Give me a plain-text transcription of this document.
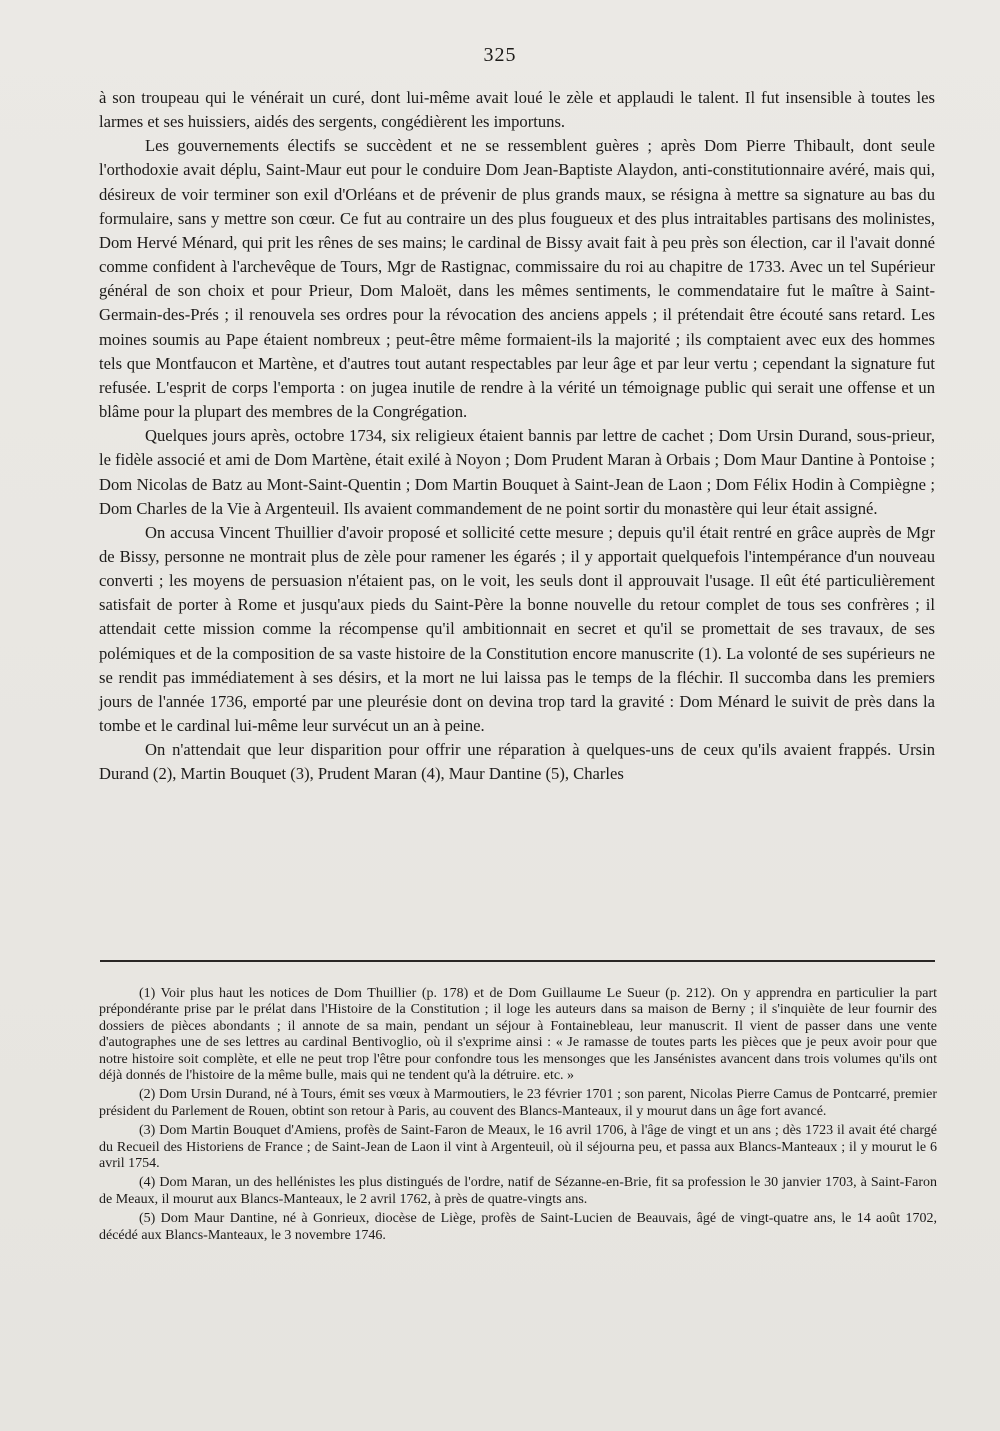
325

à son troupeau qui le vénérait un curé, dont lui-même avait loué le zèle et applaudi le talent. Il fut insensible à toutes les larmes et ses huissiers, aidés des sergents, congédièrent les importuns.

Les gouvernements électifs se succèdent et ne se ressemblent guères ; après Dom Pierre Thibault, dont seule l'orthodoxie avait déplu, Saint-Maur eut pour le conduire Dom Jean-Baptiste Alaydon, anti-constitutionnaire avéré, mais qui, désireux de voir terminer son exil d'Orléans et de prévenir de plus grands maux, se résigna à mettre sa signature au bas du formulaire, sans y mettre son cœur. Ce fut au contraire un des plus fougueux et des plus intraitables partisans des molinistes, Dom Hervé Ménard, qui prit les rênes de ses mains; le cardinal de Bissy avait fait à peu près son élection, car il l'avait donné comme confident à l'archevêque de Tours, Mgr de Rastignac, commissaire du roi au chapitre de 1733. Avec un tel Supérieur général de son choix et pour Prieur, Dom Maloët, dans les mêmes sentiments, le commendataire fut le maître à Saint-Germain-des-Prés ; il renouvela ses ordres pour la révocation des anciens appels ; il prétendait être écouté sans retard. Les moines soumis au Pape étaient nombreux ; peut-être même formaient-ils la majorité ; ils comptaient avec eux des hommes tels que Montfaucon et Martène, et d'autres tout autant respectables par leur âge et par leur vertu ; cependant la signature fut refusée. L'esprit de corps l'emporta : on jugea inutile de rendre à la vérité un témoignage public qui serait une offense et un blâme pour la plupart des membres de la Congrégation.

Quelques jours après, octobre 1734, six religieux étaient bannis par lettre de cachet ; Dom Ursin Durand, sous-prieur, le fidèle associé et ami de Dom Martène, était exilé à Noyon ; Dom Prudent Maran à Orbais ; Dom Maur Dantine à Pontoise ; Dom Nicolas de Batz au Mont-Saint-Quentin ; Dom Martin Bouquet à Saint-Jean de Laon ; Dom Félix Hodin à Compiègne ; Dom Charles de la Vie à Argenteuil. Ils avaient commandement de ne point sortir du monastère qui leur était assigné.

On accusa Vincent Thuillier d'avoir proposé et sollicité cette mesure ; depuis qu'il était rentré en grâce auprès de Mgr de Bissy, personne ne montrait plus de zèle pour ramener les égarés ; il y apportait quelquefois l'intempérance d'un nouveau converti ; les moyens de persuasion n'étaient pas, on le voit, les seuls dont il approuvait l'usage. Il eût été particulièrement satisfait de porter à Rome et jusqu'aux pieds du Saint-Père la bonne nouvelle du retour complet de tous ses confrères ; il attendait cette mission comme la récompense qu'il ambitionnait en secret et qu'il se promettait de ses travaux, de ses polémiques et de la composition de sa vaste histoire de la Constitution encore manuscrite (1). La volonté de ses supérieurs ne se rendit pas immédiatement à ses désirs, et la mort ne lui laissa pas le temps de la fléchir. Il succomba dans les premiers jours de l'année 1736, emporté par une pleurésie dont on devina trop tard la gravité : Dom Ménard le suivit de près dans la tombe et le cardinal lui-même leur survécut un an à peine.

On n'attendait que leur disparition pour offrir une réparation à quelques-uns de ceux qu'ils avaient frappés. Ursin Durand (2), Martin Bouquet (3), Prudent Maran (4), Maur Dantine (5), Charles

(1) Voir plus haut les notices de Dom Thuillier (p. 178) et de Dom Guillaume Le Sueur (p. 212). On y apprendra en particulier la part prépondérante prise par le prélat dans l'Histoire de la Constitution ; il loge les auteurs dans sa maison de Berny ; il s'inquiète de leur fournir des dossiers de pièces abondants ; il annote de sa main, pendant un séjour à Fontainebleau, leur manuscrit. Il vient de passer dans une vente d'autographes une de ses lettres au cardinal Bentivoglio, où il s'exprime ainsi : « Je ramasse de toutes parts les pièces que je peux avoir pour que notre histoire soit complète, et elle ne peut trop l'être pour confondre tous les mensonges que les Jansénistes avancent dans trois volumes qu'ils ont déjà donnés de l'histoire de la même bulle, mais qui ne tendent qu'à la détruire. etc. »

(2) Dom Ursin Durand, né à Tours, émit ses vœux à Marmoutiers, le 23 février 1701 ; son parent, Nicolas Pierre Camus de Pontcarré, premier président du Parlement de Rouen, obtint son retour à Paris, au couvent des Blancs-Manteaux, il y mourut dans un âge fort avancé.

(3) Dom Martin Bouquet d'Amiens, profès de Saint-Faron de Meaux, le 16 avril 1706, à l'âge de vingt et un ans ; dès 1723 il avait été chargé du Recueil des Historiens de France ; de Saint-Jean de Laon il vint à Argenteuil, où il séjourna peu, et passa aux Blancs-Manteaux ; il y mourut le 6 avril 1754.

(4) Dom Maran, un des hellénistes les plus distingués de l'ordre, natif de Sézanne-en-Brie, fit sa profession le 30 janvier 1703, à Saint-Faron de Meaux, il mourut aux Blancs-Manteaux, le 2 avril 1762, à près de quatre-vingts ans.

(5) Dom Maur Dantine, né à Gonrieux, diocèse de Liège, profès de Saint-Lucien de Beauvais, âgé de vingt-quatre ans, le 14 août 1702, décédé aux Blancs-Manteaux, le 3 novembre 1746.
